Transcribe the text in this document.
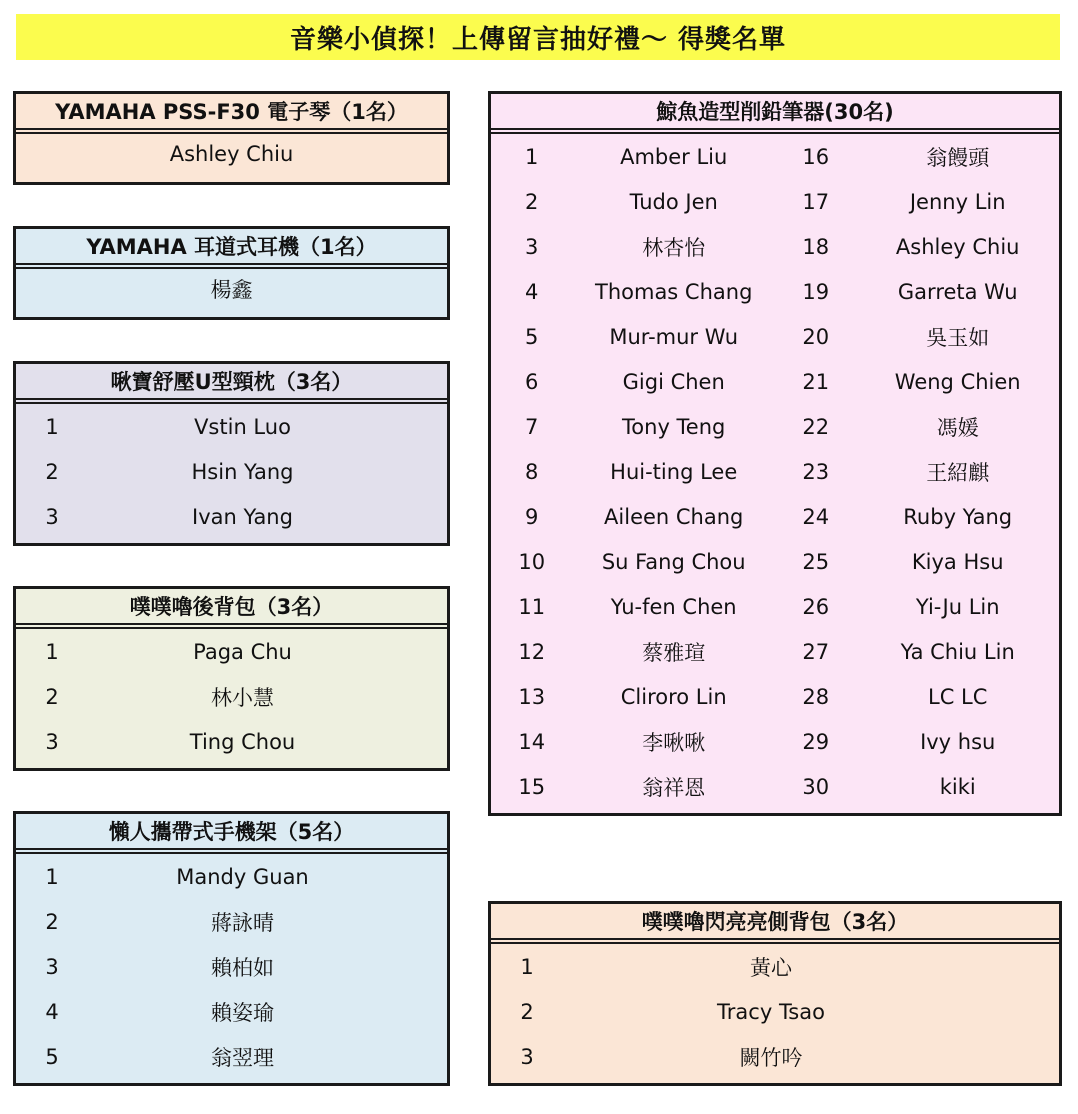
音樂小偵探！上傳留言抽好禮～ 得獎名單
YAMAHA PSS-F30 電子琴（1名）
Ashley Chiu
YAMAHA 耳道式耳機（1名）
楊鑫
啾寶舒壓U型頸枕（3名）
1	Vstin Luo
2	Hsin Yang
3	Ivan Yang
噗噗嚕後背包（3名）
1	Paga Chu
2	林小慧
3	Ting Chou
懶人攜帶式手機架（5名）
1	Mandy Guan
2	蔣詠晴
3	賴柏如
4	賴姿瑜
5	翁翌理
鯨魚造型削鉛筆器(30名)
1	Amber Liu	16	翁饅頭
2	Tudo Jen	17	Jenny Lin
3	林杏怡	18	Ashley Chiu
4	Thomas Chang	19	Garreta Wu
5	Mur-mur Wu	20	吳玉如
6	Gigi Chen	21	Weng Chien
7	Tony Teng	22	馮媛
8	Hui-ting Lee	23	王紹麒
9	Aileen Chang	24	Ruby Yang
10	Su Fang Chou	25	Kiya Hsu
11	Yu-fen Chen	26	Yi-Ju Lin
12	蔡雅瑄	27	Ya Chiu Lin
13	Cliroro Lin	28	LC LC
14	李啾啾	29	Ivy hsu
15	翁祥恩	30	kiki
噗噗嚕閃亮亮側背包（3名）
1	黃心
2	Tracy Tsao
3	闕竹吟
